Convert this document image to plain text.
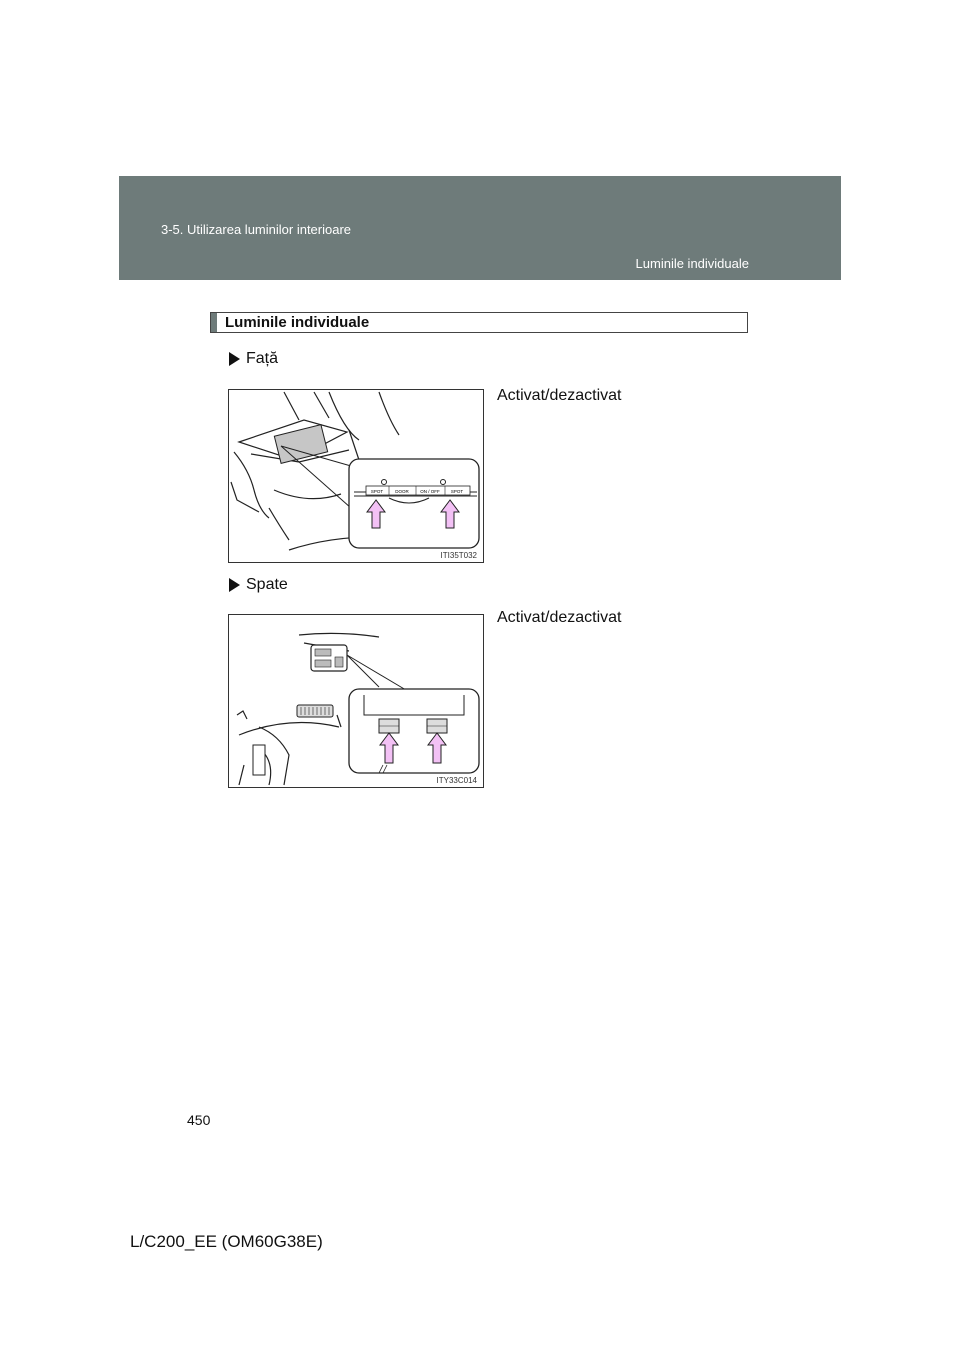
3-5. Utilizarea luminilor interioare
Luminile individuale
Luminile individuale
Față
Activat/dezactivat
SPOT	DOOR	ON / OFF SPOT
ITI35T032
Spate
Activat/dezactivat
ITY33C014
450
L/C200_EE (OM60G38E)
